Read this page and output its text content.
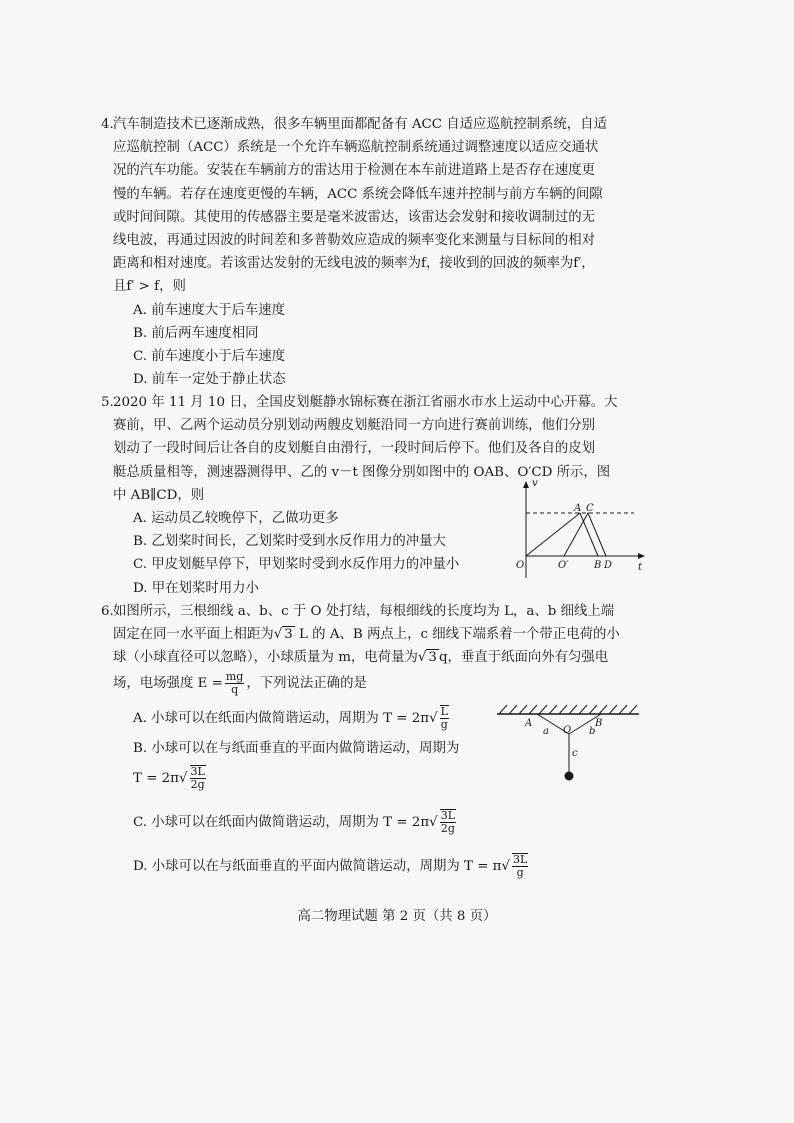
4. 汽车制造技术已逐渐成熟，很多车辆里面都配备有 ACC 自适应巡航控制系统，自适
应巡航控制（ACC）系统是一个允许车辆巡航控制系统通过调整速度以适应交通状
况的汽车功能。安装在车辆前方的雷达用于检测在本车前进道路上是否存在速度更
慢的车辆。若存在速度更慢的车辆，ACC 系统会降低车速并控制与前方车辆的间隙
或时间间隙。其使用的传感器主要是毫米波雷达，该雷达会发射和接收调制过的无
线电波，再通过因波的时间差和多普勒效应造成的频率变化来测量与目标间的相对
距离和相对速度。若该雷达发射的无线电波的频率为f，接收到的回波的频率为f′，
且f′ > f，则
A. 前车速度大于后车速度
B. 前后两车速度相同
C. 前车速度小于后车速度
D. 前车一定处于静止状态
5. 2020 年 11 月 10 日，全国皮划艇静水锦标赛在浙江省丽水市水上运动中心开幕。大
赛前，甲、乙两个运动员分别划动两艘皮划艇沿同一方向进行赛前训练，他们分别
划动了一段时间后让各自的皮划艇自由滑行，一段时间后停下。他们及各自的皮划
艇总质量相等，测速器测得甲、乙的 v－t 图像分别如图中的 OAB、O′CD 所示，图
中 AB∥CD，则
A. 运动员乙较晚停下，乙做功更多
B. 乙划桨时间长，乙划桨时受到水反作用力的冲量大
C. 甲皮划艇早停下，甲划桨时受到水反作用力的冲量小
D. 甲在划桨时用力小
v
t
O	O′
A C
B D
6. 如图所示，三根细线 a、b、c 于 O 处打结，每根细线的长度均为 L，a、b 细线上端
固定在同一水平面上相距为√ 3 L 的 A、B 两点上，c 细线下端系着一个带正电荷的小
球（小球直径可以忽略），小球质量为 m，电荷量为√ 3 q，垂直于纸面向外有匀强电
场，电场强度 $E = \frac{mg}{q}$ ，下列说法正确的是
A. 小球可以在纸面内做简谐运动，周期为 $T = 2\pi√ \frac{L}{g}$
B. 小球可以在与纸面垂直的平面内做简谐运动，周期为
$T = 2\pi√ \frac{3L}{2g}$
C. 小球可以在纸面内做简谐运动，周期为 $T = 2\pi√ \frac{3L}{2g}$
D. 小球可以在与纸面垂直的平面内做简谐运动，周期为 $T = \pi√ \frac{3L}{g}$
A	B
O
a	b
c
高二物理试题 第 2 页（共 8 页）
